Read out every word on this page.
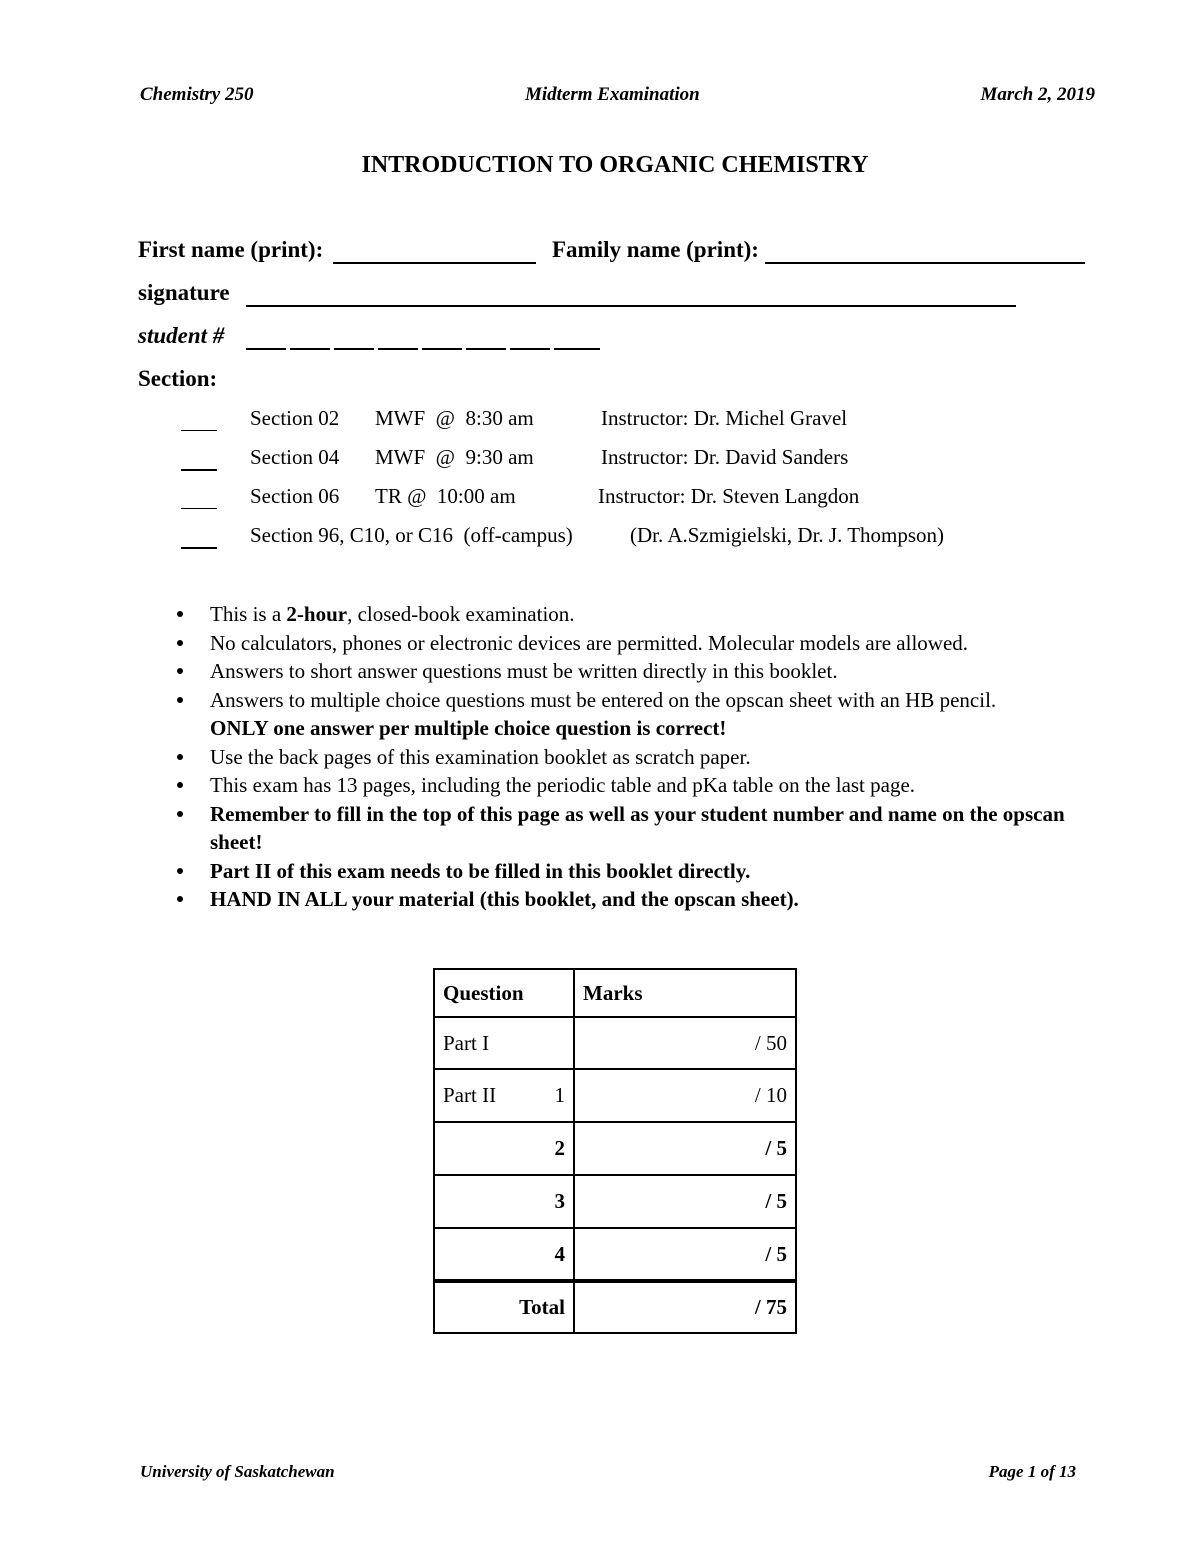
Chemistry 250	Midterm Examination	March 2, 2019
INTRODUCTION TO ORGANIC CHEMISTRY
First name (print):	Family name (print):
signature
student #
Section:
Section 02 MWF  @  8:30 am	Instructor: Dr. Michel Gravel
Section 04 MWF  @  9:30 am	Instructor: Dr. David Sanders
Section 06 TR @  10:00 am	Instructor: Dr. Steven Langdon
Section 96, C10, or C16  (off-campus)	(Dr. A.Szmigielski, Dr. J. Thompson)
This is a 2-hour, closed-book examination.
No calculators, phones or electronic devices are permitted. Molecular models are allowed.
Answers to short answer questions must be written directly in this booklet.
Answers to multiple choice questions must be entered on the opscan sheet with an HB pencil. ONLY one answer per multiple choice question is correct!
Use the back pages of this examination booklet as scratch paper.
This exam has 13 pages, including the periodic table and pKa table on the last page.
Remember to fill in the top of this page as well as your student number and name on the opscan sheet!
Part II of this exam needs to be filled in this booklet directly.
HAND IN ALL your material (this booklet, and the opscan sheet).
Question	Marks
Part I	/ 50
Part II 1	/ 10

2	/ 5

3	/ 5

4	/ 5
Total	/ 75
University of Saskatchewan	Page 1 of 13
